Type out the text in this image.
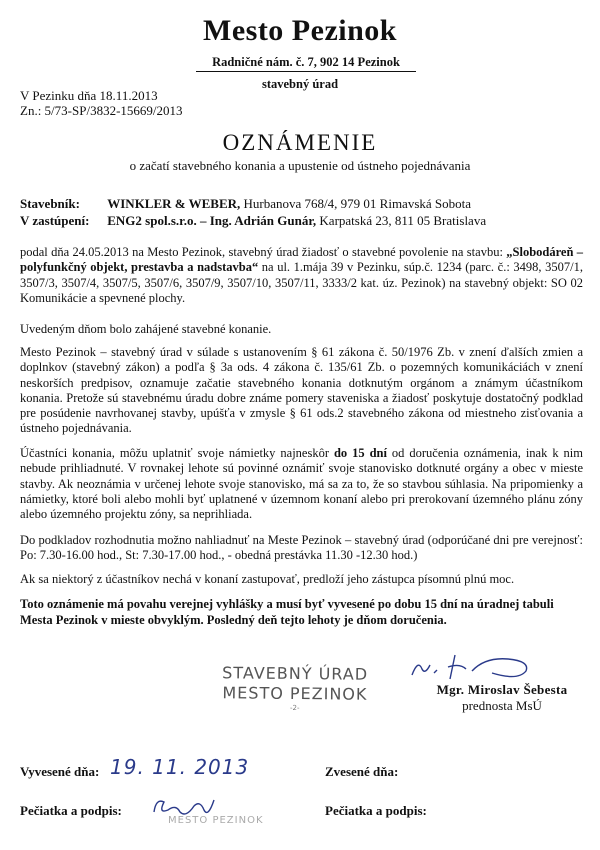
Mesto Pezinok
Radničné nám. č. 7, 902 14 Pezinok
stavebný úrad
V Pezinku dňa 18.11.2013
Zn.: 5/73-SP/3832-15669/2013
OZNÁMENIE
o začatí stavebného konania a upustenie od ústneho pojednávania
Stavebník: WINKLER & WEBER, Hurbanova 768/4, 979 01 Rimavská Sobota
V zastúpení: ENG2 spol.s.r.o. – Ing. Adrián Gunár, Karpatská 23, 811 05 Bratislava
podal dňa 24.05.2013 na Mesto Pezinok, stavebný úrad žiadosť o stavebné povolenie na stavbu: „Slobodáreň – polyfunkčný objekt, prestavba a nadstavba“ na ul. 1.mája 39 v Pezinku, súp.č. 1234 (parc. č.: 3498, 3507/1, 3507/3, 3507/4, 3507/5, 3507/6, 3507/9, 3507/10, 3507/11, 3333/2 kat. úz. Pezinok) na stavebný objekt: SO 02 Komunikácie a spevnené plochy.
Uvedeným dňom bolo zahájené stavebné konanie.
Mesto Pezinok – stavebný úrad v súlade s ustanovením § 61 zákona č. 50/1976 Zb. v znení ďalších zmien a doplnkov (stavebný zákon) a podľa § 3a ods. 4 zákona č. 135/61 Zb. o pozemných komunikáciách v znení neskorších predpisov, oznamuje začatie stavebného konania dotknutým orgánom a známym účastníkom konania. Pretože sú stavebnému úradu dobre známe pomery staveniska a žiadosť poskytuje dostatočný podklad pre posúdenie navrhovanej stavby, upúšťa v zmysle § 61 ods.2 stavebného zákona od miestneho zisťovania a ústneho pojednávania.
Účastníci konania, môžu uplatniť svoje námietky najneskôr do 15 dní od doručenia oznámenia, inak k nim nebude prihliadnuté. V rovnakej lehote sú povinné oznámiť svoje stanovisko dotknuté orgány a obec v mieste stavby. Ak neoznámia v určenej lehote svoje stanovisko, má sa za to, že so stavbou súhlasia. Na pripomienky a námietky, ktoré boli alebo mohli byť uplatnené v územnom konaní alebo pri prerokovaní územného plánu zóny alebo územného projektu zóny, sa neprihliada.
Do podkladov rozhodnutia možno nahliadnuť na Meste Pezinok – stavebný úrad (odporúčané dni pre verejnosť: Po: 7.30-16.00 hod., St: 7.30-17.00 hod., - obedná prestávka 11.30 -12.30 hod.)
Ak sa niektorý z účastníkov nechá v konaní zastupovať, predloží jeho zástupca písomnú plnú moc.
Toto oznámenie má povahu verejnej vyhlášky a musí byť vyvesené po dobu 15 dní na úradnej tabuli Mesta Pezinok v mieste obvyklým. Posledný deň tejto lehoty je dňom doručenia.
STAVEBNÝ ÚRAD
MESTO PEZINOK
-2-
Mgr. Miroslav Šebesta
prednosta MsÚ
Vyvesené dňa: 19. 11. 2013	Zvesené dňa:
Pečiatka a podpis:
MESTO PEZINOK
Pečiatka a podpis:
